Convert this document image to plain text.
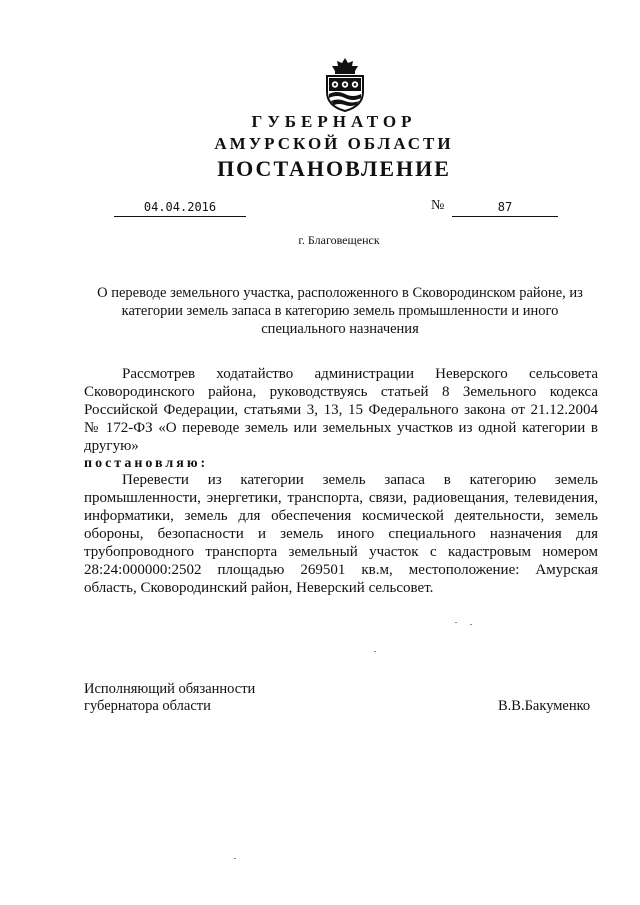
ГУБЕРНАТОР
АМУРСКОЙ ОБЛАСТИ
ПОСТАНОВЛЕНИЕ
04.04.2016	№	87
г. Благовещенск
О переводе земельного участка, расположенного в Сковородинском районе, из
категории земель запаса в категорию земель промышленности и иного
специального назначения
Рассмотрев ходатайство администрации Неверского сельсовета
Сковородинского района, руководствуясь статьей 8 Земельного кодекса
Российской Федерации, статьями 3, 13, 15 Федерального закона от 21.12.2004
№ 172-ФЗ «О переводе земель или земельных участков из одной категории в
другую»
постановляю:
Перевести из категории земель запаса в категорию земель
промышленности, энергетики, транспорта, связи, радиовещания, телевидения,
информатики, земель для обеспечения космической деятельности, земель
обороны, безопасности и земель иного специального назначения для
трубопроводного транспорта земельный участок с кадастровым номером
28:24:000000:2502 площадью 269501 кв.м, местоположение: Амурская
область, Сковородинский район, Неверский сельсовет.
Исполняющий обязанности
губернатора области	В.В.Бакуменко
